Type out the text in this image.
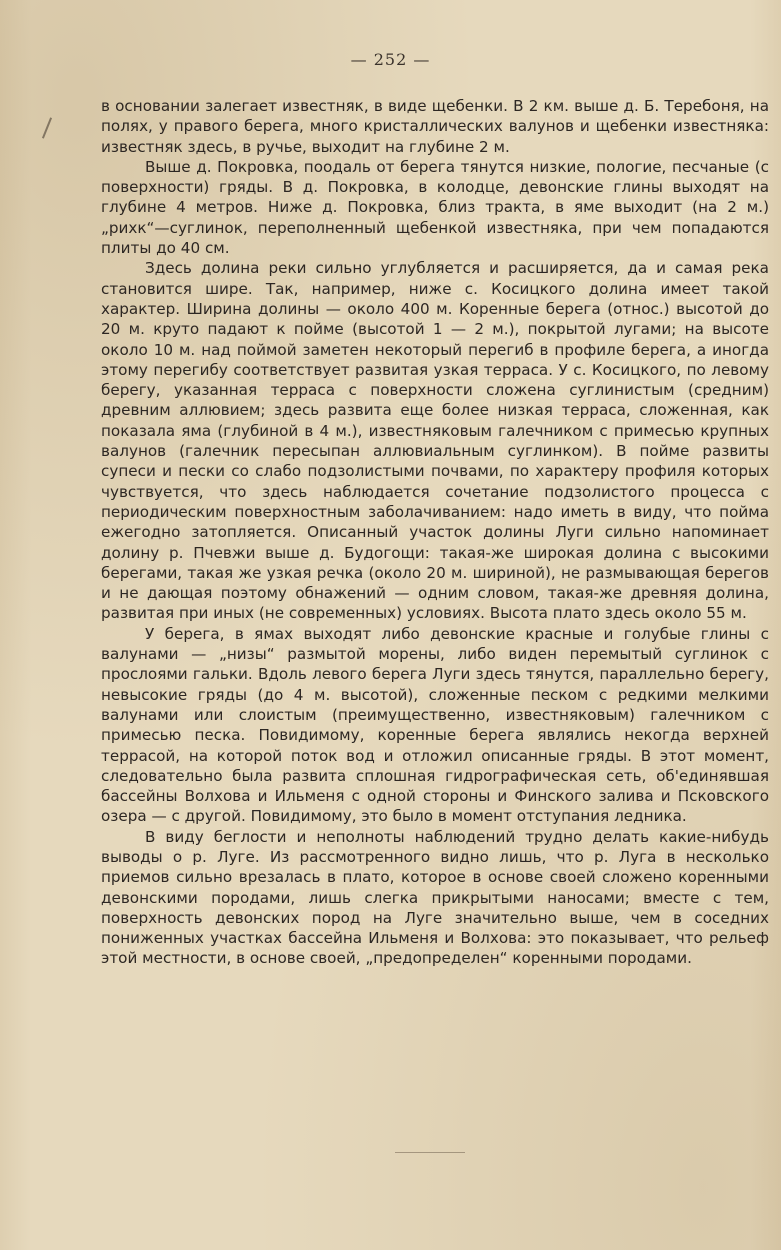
— 252 —

в основании залегает известняк, в виде щебенки. В 2 км. выше д. Б. Теребоня, на полях, у правого берега, много кристаллических валунов и щебенки известняка: известняк здесь, в ручье, выходит на глубине 2 м.

Выше д. Покровка, поодаль от берега тянутся низкие, пологие, песчаные (с поверхности) гряды. В д. Покровка, в колодце, девонские глины выходят на глубине 4 метров. Ниже д. Покровка, близ тракта, в яме выходит (на 2 м.) „рихк“—суглинок, переполненный щебенкой известняка, при чем попадаются плиты до 40 см.

Здесь долина реки сильно углубляется и расширяется, да и самая река становится шире. Так, например, ниже с. Косицкого долина имеет такой характер. Ширина долины — около 400 м. Коренные берега (относ.) высотой до 20 м. круто падают к пойме (высотой 1 — 2 м.), покрытой лугами; на высоте около 10 м. над поймой заметен некоторый перегиб в профиле берега, а иногда этому перегибу соответствует развитая узкая терраса. У с. Косицкого, по левому берегу, указанная терраса с поверхности сложена суглинистым (средним) древним аллювием; здесь развита еще более низкая терраса, сложенная, как показала яма (глубиной в 4 м.), известняковым галечником с примесью крупных валунов (галечник пересыпан аллювиальным суглинком). В пойме развиты супеси и пески со слабо подзолистыми почвами, по характеру профиля которых чувствуется, что здесь наблюдается сочетание подзолистого процесса с периодическим поверхностным заболачиванием: надо иметь в виду, что пойма ежегодно затопляется. Описанный участок долины Луги сильно напоминает долину р. Пчевжи выше д. Будогощи: такая-же широкая долина с высокими берегами, такая же узкая речка (около 20 м. шириной), не размывающая берегов и не дающая поэтому обнажений — одним словом, такая-же древняя долина, развитая при иных (не современных) условиях. Высота плато здесь около 55 м.

У берега, в ямах выходят либо девонские красные и голубые глины с валунами — „низы“ размытой морены, либо виден перемытый суглинок с прослоями гальки. Вдоль левого берега Луги здесь тянутся, параллельно берегу, невысокие гряды (до 4 м. высотой), сложенные песком с редкими мелкими валунами или слоистым (преимущественно, известняковым) галечником с примесью песка. Повидимому, коренные берега являлись некогда верхней террасой, на которой поток вод и отложил описанные гряды. В этот момент, следовательно была развита сплошная гидрографическая сеть, об'единявшая бассейны Волхова и Ильменя с одной стороны и Финского залива и Псковского озера — с другой. Повидимому, это было в момент отступания ледника.

В виду беглости и неполноты наблюдений трудно делать какие-нибудь выводы о р. Луге. Из рассмотренного видно лишь, что р. Луга в несколько приемов сильно врезалась в плато, которое в основе своей сложено коренными девонскими породами, лишь слегка прикрытыми наносами; вместе с тем, поверхность девонских пород на Луге значительно выше, чем в соседних пониженных участках бассейна Ильменя и Волхова: это показывает, что рельеф этой местности, в основе своей, „предопределен“ коренными породами.
